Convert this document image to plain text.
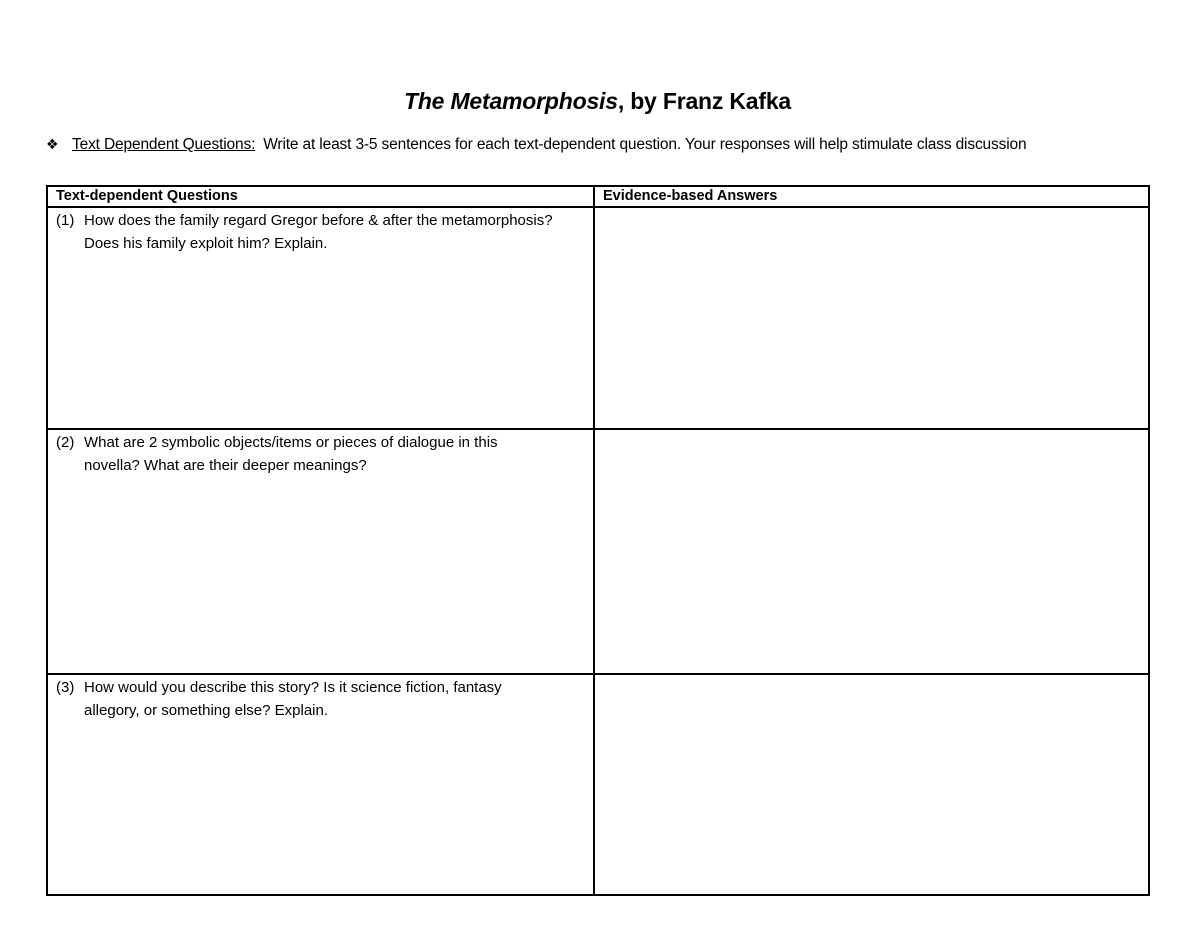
The Metamorphosis, by Franz Kafka
❖ Text Dependent Questions: Write at least 3-5 sentences for each text-dependent question. Your responses will help stimulate class discussion
Text-dependent Questions	Evidence-based Answers

(1) How does the family regard Gregor before & after the metamorphosis? Does his family exploit him? Explain.	

(2) What are 2 symbolic objects/items or pieces of dialogue in this novella? What are their deeper meanings?	

(3) How would you describe this story? Is it science fiction, fantasy allegory, or something else? Explain.	
